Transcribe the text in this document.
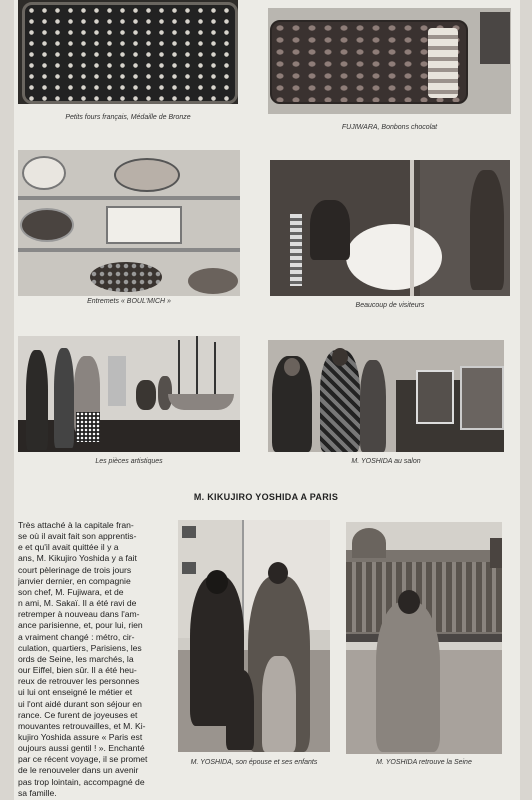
Petits fours français, Médaille de Bronze
FUJIWARA, Bonbons chocolat
Entremets « BOUL'MICH »
Beaucoup de visiteurs
Les pièces artistiques	M. YOSHIDA au salon
M. KIKUJIRO YOSHIDA A PARIS
Très attaché à la capitale fran-
se où il avait fait son apprentis-
e et qu'il avait quittée il y a
ans, M. Kikujiro Yoshida y a fait
court pèlerinage de trois jours
janvier dernier, en compagnie
son chef, M. Fujiwara, et de
n ami, M. Sakaï. Il a été ravi de
retremper à nouveau dans l'am-
ance parisienne, et, pour lui, rien
a vraiment changé : métro, cir-
culation, quartiers, Parisiens, les
ords de Seine, les marchés, la
our Eiffel, bien sûr. Il a été heu-
reux de retrouver les personnes
ui lui ont enseigné le métier et
ui l'ont aidé durant son séjour en
rance. Ce furent de joyeuses et
mouvantes retrouvailles, et M. Ki-
kujiro Yoshida assure « Paris est
oujours aussi gentil ! ». Enchanté
par ce récent voyage, il se promet
de le renouveler dans un avenir
pas trop lointain, accompagné de
sa famille.
M. YOSHIDA, son épouse et ses enfants	M. YOSHIDA retrouve la Seine
